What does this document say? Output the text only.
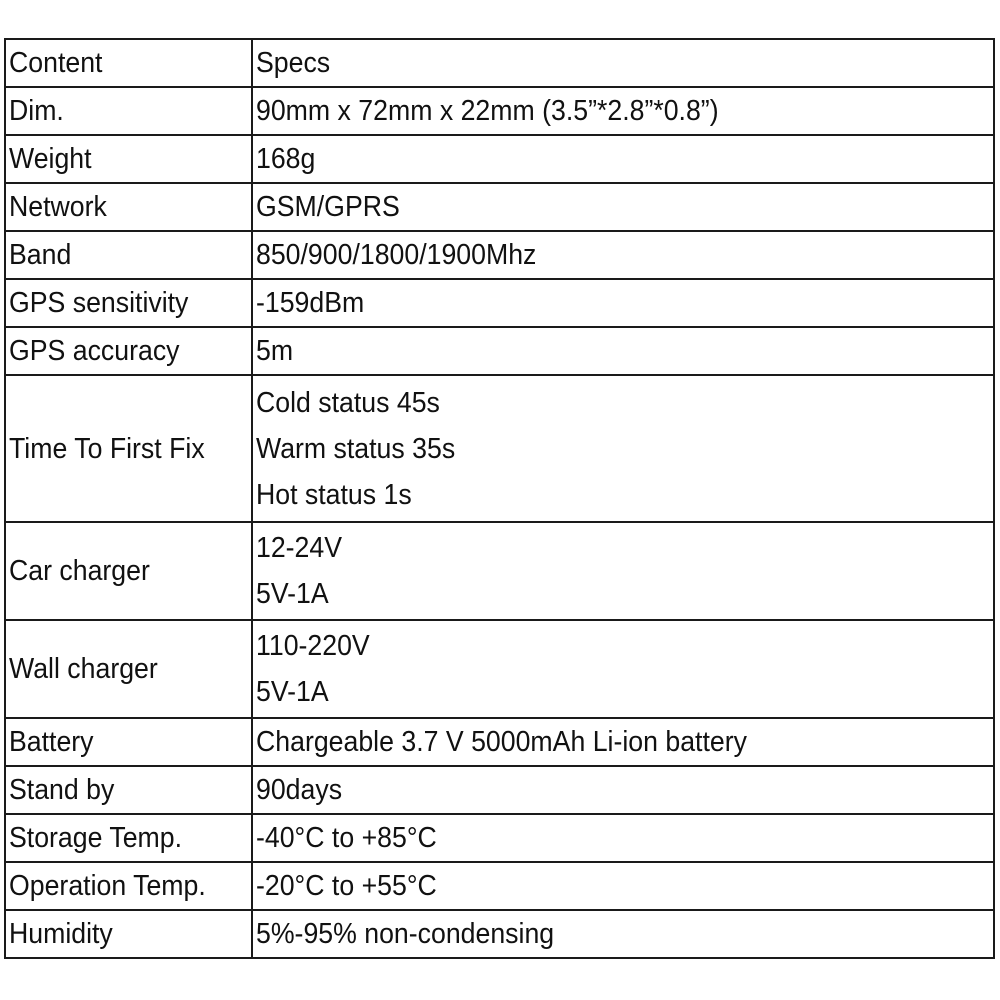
Content	Specs
Dim.	90mm x 72mm x 22mm (3.5”*2.8”*0.8”)
Weight	168g
Network	GSM/GPRS
Band	850/900/1800/1900Mhz
GPS sensitivity	-159dBm
GPS accuracy	5m
Time To First Fix	Cold status 45s
Warm status 35s
Hot status 1s

Car charger	12-24V
5V-1A

Wall charger	110-220V
5V-1A

Battery	Chargeable 3.7 V 5000mAh Li-ion battery
Stand by	90days
Storage Temp.	-40°C to +85°C
Operation Temp.	-20°C to +55°C
Humidity	5%-95% non-condensing
